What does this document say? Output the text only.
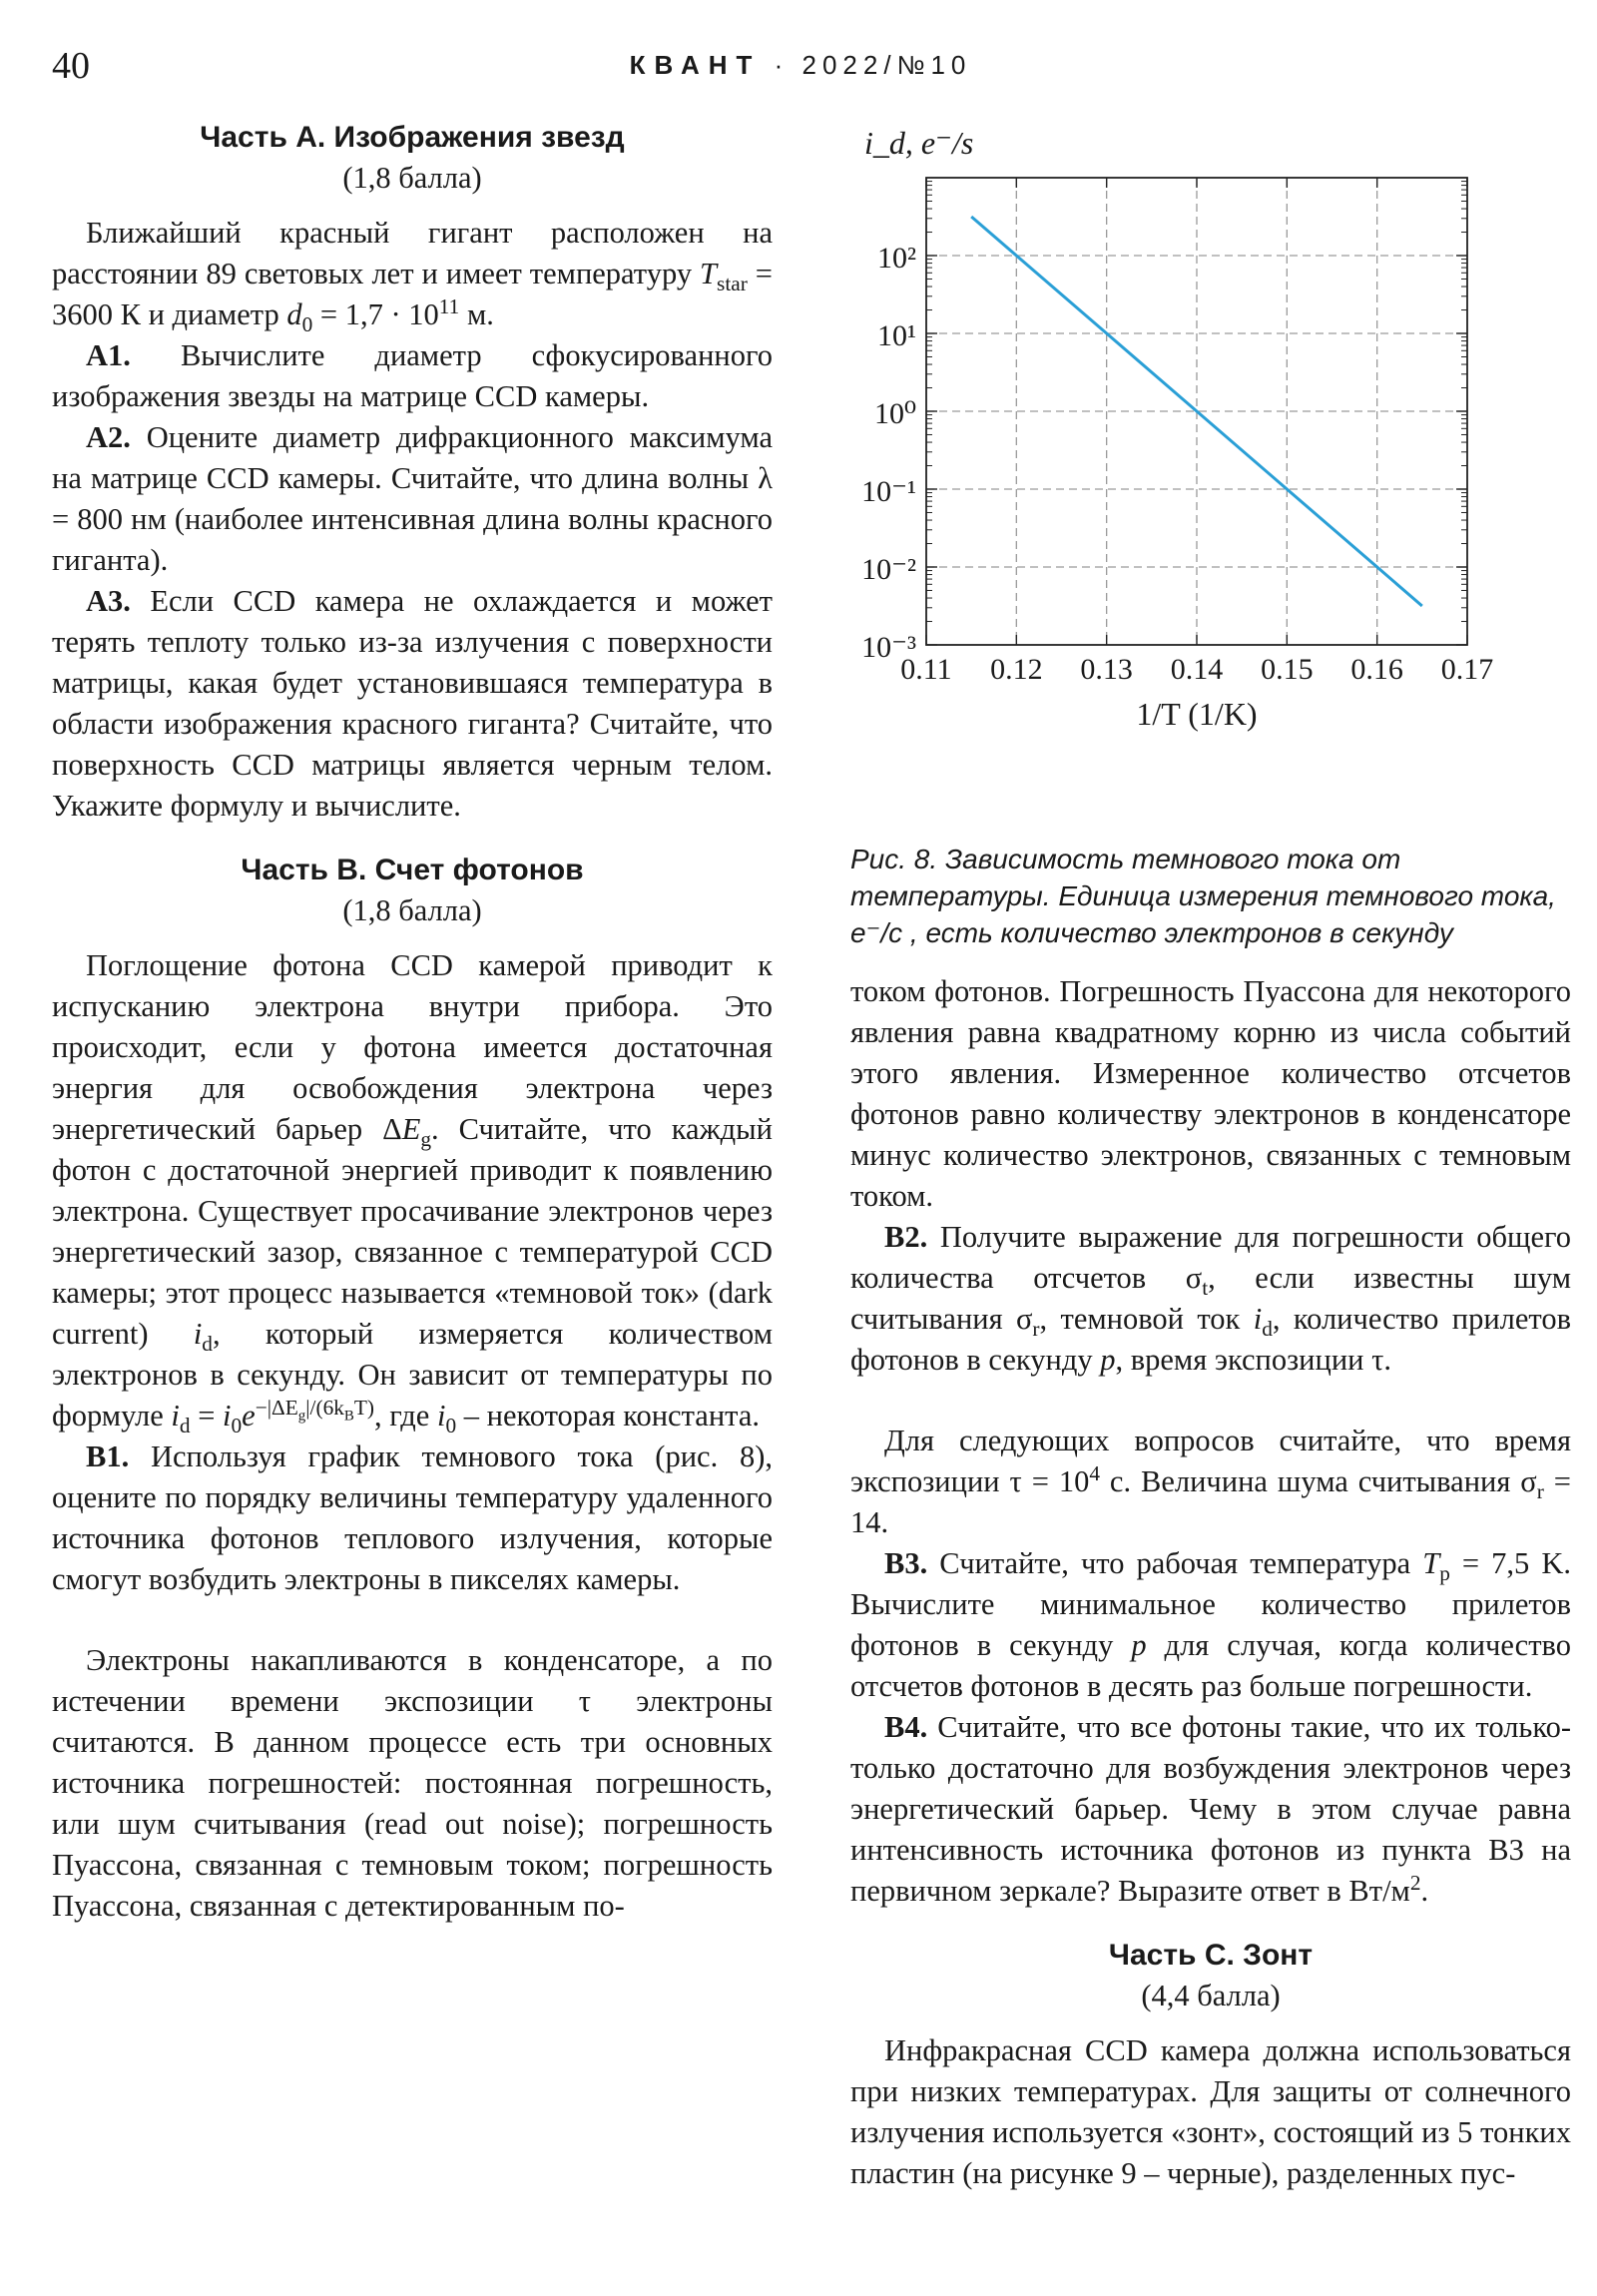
40	КВАНТ · 2022/№10
Часть A. Изображения звезд
(1,8 балла)

Ближайший красный гигант расположен на расстоянии 89 световых лет и имеет температуру $T_{star} = 3600$ К и диаметр $d_0 = 1,7 \cdot 10^{11}$ м.

A1. Вычислите диаметр сфокусированного изображения звезды на матрице CCD камеры.

A2. Оцените диаметр дифракционного максимума на матрице CCD камеры. Считайте, что длина волны λ = 800 нм (наиболее интенсивная длина волны красного гиганта).

A3. Если CCD камера не охлаждается и может терять теплоту только из-за излучения с поверхности матрицы, какая будет установившаяся температура в области изображения красного гиганта? Считайте, что поверхность CCD матрицы является черным телом. Укажите формулу и вычислите.

Часть B. Счет фотонов
(1,8 балла)

Поглощение фотона CCD камерой приводит к испусканию электрона внутри прибора. Это происходит, если у фотона имеется достаточная энергия для освобождения электрона через энергетический барьер $\Delta E_g$. Считайте, что каждый фотон с достаточной энергией приводит к появлению электрона. Существует просачивание электронов через энергетический зазор, связанное с температурой CCD камеры; этот процесс называется «темновой ток» (dark current) $i_d$, который измеряется количеством электронов в секунду. Он зависит от температуры по формуле $i_d = i_0e^{-|\Delta E_g|/(6k_BT)}$, где $i_0$ – некоторая константа.

B1. Используя график темнового тока (рис. 8), оцените по порядку величины температуру удаленного источника фотонов теплового излучения, которые смогут возбудить электроны в пикселях камеры.

Электроны накапливаются в конденсаторе, а по истечении времени экспозиции τ электроны считаются. В данном процессе есть три основных источника погрешностей: постоянная погрешность, или шум считывания (read out noise); погрешность Пуассона, связанная с темновым током; погрешность Пуассона, связанная с детектированным по-

10⁻³
10⁻²
10⁻¹
10⁰
10¹
10²
0.11 0.12 0.13 0.14 0.15 0.16 0.17
i_d, e⁻/s
1/T (1/K)

Рис. 8. Зависимость темнового тока от температуры. Единица измерения темнового тока, e⁻/c , есть количество электронов в секунду

током фотонов. Погрешность Пуассона для некоторого явления равна квадратному корню из числа событий этого явления. Измеренное количество отсчетов фотонов равно количеству электронов в конденсаторе минус количество электронов, связанных с темновым током.

B2. Получите выражение для погрешности общего количества отсчетов $\sigma_t$, если известны шум считывания $\sigma_r$, темновой ток $i_d$, количество прилетов фотонов в секунду p, время экспозиции τ.

Для следующих вопросов считайте, что время экспозиции $\tau = 10^4$ с. Величина шума считывания $\sigma_r = 14$.

B3. Считайте, что рабочая температура $T_p = 7,5$ K. Вычислите минимальное количество прилетов фотонов в секунду p для случая, когда количество отсчетов фотонов в десять раз больше погрешности.

B4. Считайте, что все фотоны такие, что их только-только достаточно для возбуждения электронов через энергетический барьер. Чему в этом случае равна интенсивность источника фотонов из пункта B3 на первичном зеркале? Выразите ответ в $Вт/м^2$.

Часть C. Зонт
(4,4 балла)

Инфракрасная CCD камера должна использоваться при низких температурах. Для защиты от солнечного излучения используется «зонт», состоящий из 5 тонких пластин (на рисунке 9 – черные), разделенных пус-
